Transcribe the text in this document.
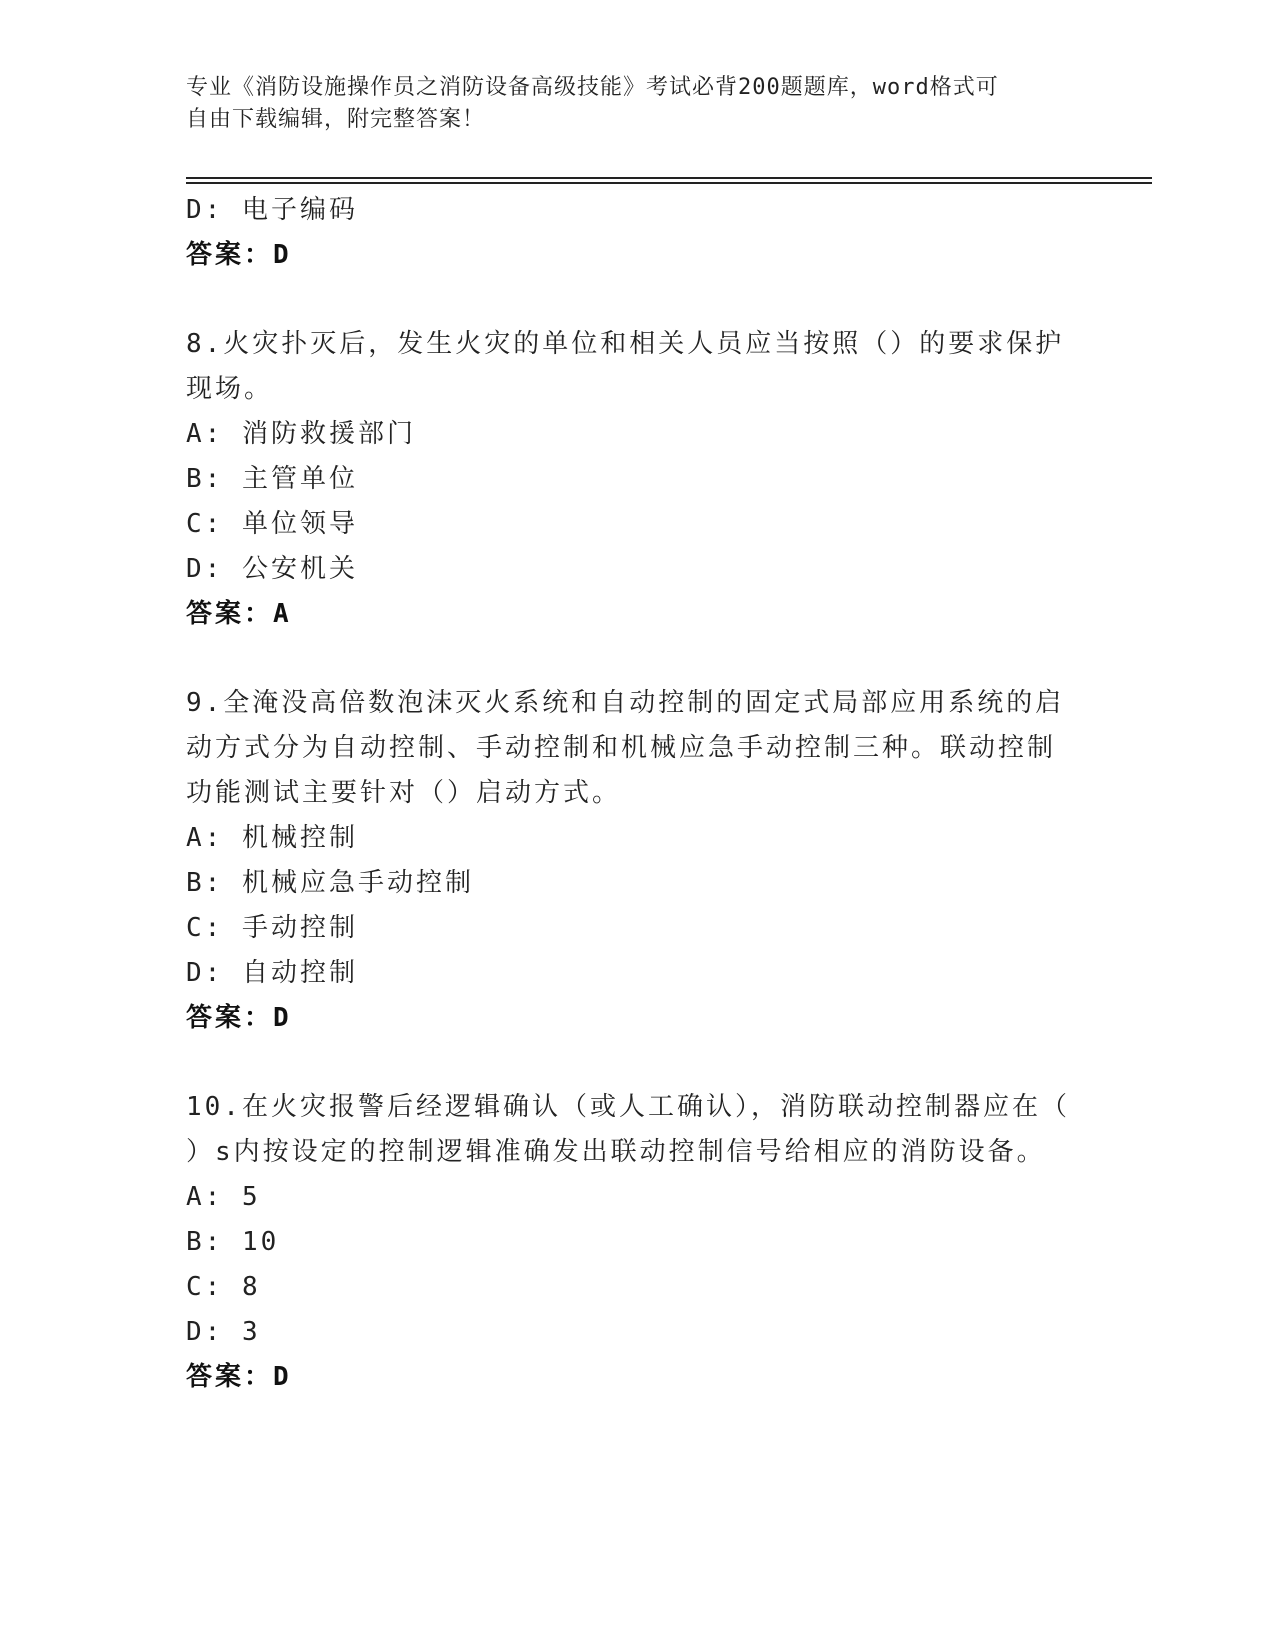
专业《消防设施操作员之消防设备高级技能》考试必背200题题库，word格式可
自由下载编辑，附完整答案！
D: 电子编码
答案：D
8.火灾扑灭后，发生火灾的单位和相关人员应当按照（）的要求保护
现场。
A: 消防救援部门
B: 主管单位
C: 单位领导
D: 公安机关
答案：A
9.全淹没高倍数泡沫灭火系统和自动控制的固定式局部应用系统的启
动方式分为自动控制、手动控制和机械应急手动控制三种。联动控制
功能测试主要针对（）启动方式。
A: 机械控制
B: 机械应急手动控制
C: 手动控制
D: 自动控制
答案：D
10.在火灾报警后经逻辑确认（或人工确认），消防联动控制器应在（
）s内按设定的控制逻辑准确发出联动控制信号给相应的消防设备。
A: 5
B: 10
C: 8
D: 3
答案：D
